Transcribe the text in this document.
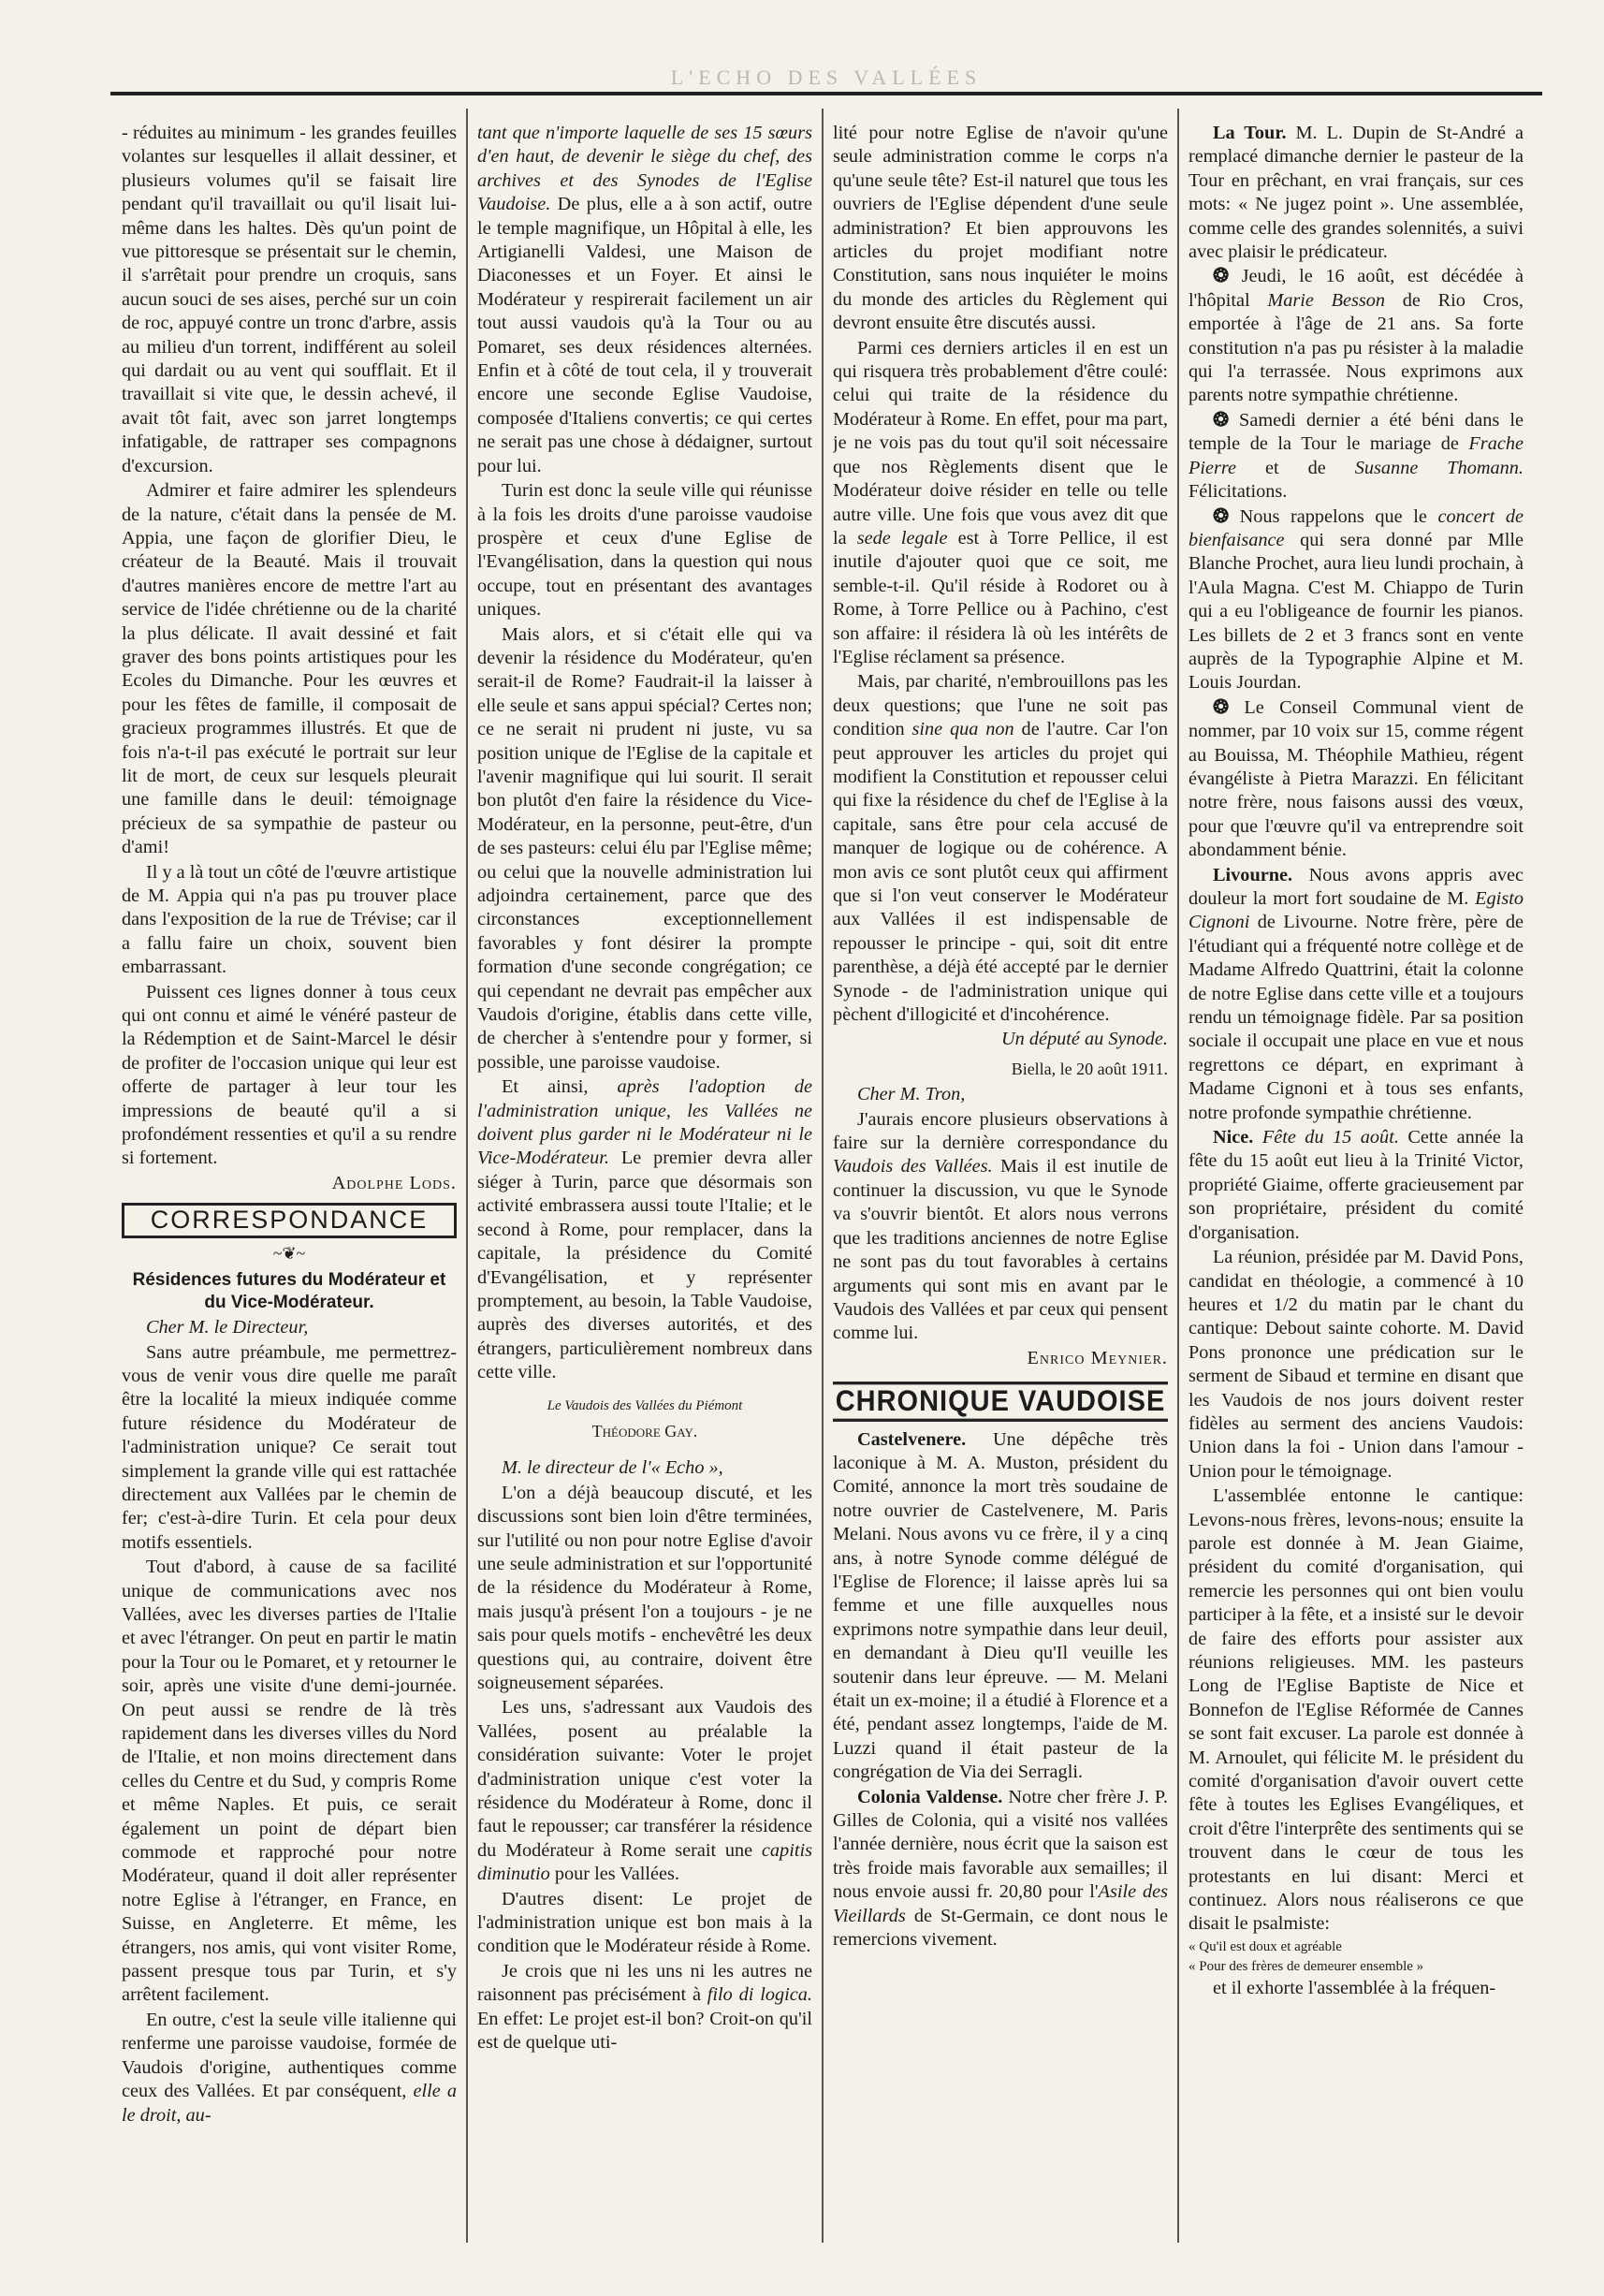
L'ECHO DES VALLÉES

- réduites au minimum - les grandes feuilles volantes sur lesquelles il allait dessiner, et plusieurs volumes qu'il se faisait lire pendant qu'il travaillait ou qu'il lisait lui-même dans les haltes. Dès qu'un point de vue pittoresque se présentait sur le chemin, il s'arrêtait pour prendre un croquis, sans aucun souci de ses aises, perché sur un coin de roc, appuyé contre un tronc d'arbre, assis au milieu d'un torrent, indifférent au soleil qui dardait ou au vent qui soufflait. Et il travaillait si vite que, le dessin achevé, il avait tôt fait, avec son jarret longtemps infatigable, de rattraper ses compagnons d'excursion.

Admirer et faire admirer les splendeurs de la nature, c'était dans la pensée de M. Appia, une façon de glorifier Dieu, le créateur de la Beauté. Mais il trouvait d'autres manières encore de mettre l'art au service de l'idée chrétienne ou de la charité la plus délicate. Il avait dessiné et fait graver des bons points artistiques pour les Ecoles du Dimanche. Pour les œuvres et pour les fêtes de famille, il composait de gracieux programmes illustrés. Et que de fois n'a-t-il pas exécuté le portrait sur leur lit de mort, de ceux sur lesquels pleurait une famille dans le deuil: témoignage précieux de sa sympathie de pasteur ou d'ami!

Il y a là tout un côté de l'œuvre artistique de M. Appia qui n'a pas pu trouver place dans l'exposition de la rue de Trévise; car il a fallu faire un choix, souvent bien embarrassant.

Puissent ces lignes donner à tous ceux qui ont connu et aimé le vénéré pasteur de la Rédemption et de Saint-Marcel le désir de profiter de l'occasion unique qui leur est offerte de partager à leur tour les impressions de beauté qu'il a si profondément ressenties et qu'il a su rendre si fortement.

Adolphe Lods.

CORRESPONDANCE
~❦~
Résidences futures du Modérateur et du Vice-Modérateur.

Cher M. le Directeur,

Sans autre préambule, me permettrez-vous de venir vous dire quelle me paraît être la localité la mieux indiquée comme future résidence du Modérateur de l'administration unique? Ce serait tout simplement la grande ville qui est rattachée directement aux Vallées par le chemin de fer; c'est-à-dire Turin. Et cela pour deux motifs essentiels.

Tout d'abord, à cause de sa facilité unique de communications avec nos Vallées, avec les diverses parties de l'Italie et avec l'étranger. On peut en partir le matin pour la Tour ou le Pomaret, et y retourner le soir, après une visite d'une demi-journée. On peut aussi se rendre de là très rapidement dans les diverses villes du Nord de l'Italie, et non moins directement dans celles du Centre et du Sud, y compris Rome et même Naples. Et puis, ce serait également un point de départ bien commode et rapproché pour notre Modérateur, quand il doit aller représenter notre Eglise à l'étranger, en France, en Suisse, en Angleterre. Et même, les étrangers, nos amis, qui vont visiter Rome, passent presque tous par Turin, et s'y arrêtent facilement.

En outre, c'est la seule ville italienne qui renferme une paroisse vaudoise, formée de Vaudois d'origine, authentiques comme ceux des Vallées. Et par conséquent, elle a le droit, au-

tant que n'importe laquelle de ses 15 sœurs d'en haut, de devenir le siège du chef, des archives et des Synodes de l'Eglise Vaudoise. De plus, elle a à son actif, outre le temple magnifique, un Hôpital à elle, les Artigianelli Valdesi, une Maison de Diaconesses et un Foyer. Et ainsi le Modérateur y respirerait facilement un air tout aussi vaudois qu'à la Tour ou au Pomaret, ses deux résidences alternées. Enfin et à côté de tout cela, il y trouverait encore une seconde Eglise Vaudoise, composée d'Italiens convertis; ce qui certes ne serait pas une chose à dédaigner, surtout pour lui.

Turin est donc la seule ville qui réunisse à la fois les droits d'une paroisse vaudoise prospère et ceux d'une Eglise de l'Evangélisation, dans la question qui nous occupe, tout en présentant des avantages uniques.

Mais alors, et si c'était elle qui va devenir la résidence du Modérateur, qu'en serait-il de Rome? Faudrait-il la laisser à elle seule et sans appui spécial? Certes non; ce ne serait ni prudent ni juste, vu sa position unique de l'Eglise de la capitale et l'avenir magnifique qui lui sourit. Il serait bon plutôt d'en faire la résidence du Vice-Modérateur, en la personne, peut-être, d'un de ses pasteurs: celui élu par l'Eglise même; ou celui que la nouvelle administration lui adjoindra certainement, parce que des circonstances exceptionnellement favorables y font désirer la prompte formation d'une seconde congrégation; ce qui cependant ne devrait pas empêcher aux Vaudois d'origine, établis dans cette ville, de chercher à s'entendre pour y former, si possible, une paroisse vaudoise.

Et ainsi, après l'adoption de l'administration unique, les Vallées ne doivent plus garder ni le Modérateur ni le Vice-Modérateur. Le premier devra aller siéger à Turin, parce que désormais son activité embrassera aussi toute l'Italie; et le second à Rome, pour remplacer, dans la capitale, la présidence du Comité d'Evangélisation, et y représenter promptement, au besoin, la Table Vaudoise, auprès des diverses autorités, et des étrangers, particulièrement nombreux dans cette ville.

Le Vaudois des Vallées du Piémont
Théodore Gay.

M. le directeur de l'« Echo »,

L'on a déjà beaucoup discuté, et les discussions sont bien loin d'être terminées, sur l'utilité ou non pour notre Eglise d'avoir une seule administration et sur l'opportunité de la résidence du Modérateur à Rome, mais jusqu'à présent l'on a toujours - je ne sais pour quels motifs - enchevêtré les deux questions qui, au contraire, doivent être soigneusement séparées.

Les uns, s'adressant aux Vaudois des Vallées, posent au préalable la considération suivante: Voter le projet d'administration unique c'est voter la résidence du Modérateur à Rome, donc il faut le repousser; car transférer la résidence du Modérateur à Rome serait une capitis diminutio pour les Vallées.

D'autres disent: Le projet de l'administration unique est bon mais à la condition que le Modérateur réside à Rome.

Je crois que ni les uns ni les autres ne raisonnent pas précisément à filo di logica. En effet: Le projet est-il bon? Croit-on qu'il est de quelque uti-

lité pour notre Eglise de n'avoir qu'une seule administration comme le corps n'a qu'une seule tête? Est-il naturel que tous les ouvriers de l'Eglise dépendent d'une seule administration? Et bien approuvons les articles du projet modifiant notre Constitution, sans nous inquiéter le moins du monde des articles du Règlement qui devront ensuite être discutés aussi.

Parmi ces derniers articles il en est un qui risquera très probablement d'être coulé: celui qui traite de la résidence du Modérateur à Rome. En effet, pour ma part, je ne vois pas du tout qu'il soit nécessaire que nos Règlements disent que le Modérateur doive résider en telle ou telle autre ville. Une fois que vous avez dit que la sede legale est à Torre Pellice, il est inutile d'ajouter quoi que ce soit, me semble-t-il. Qu'il réside à Rodoret ou à Rome, à Torre Pellice ou à Pachino, c'est son affaire: il résidera là où les intérêts de l'Eglise réclament sa présence.

Mais, par charité, n'embrouillons pas les deux questions; que l'une ne soit pas condition sine qua non de l'autre. Car l'on peut approuver les articles du projet qui modifient la Constitution et repousser celui qui fixe la résidence du chef de l'Eglise à la capitale, sans être pour cela accusé de manquer de logique ou de cohérence. A mon avis ce sont plutôt ceux qui affirment que si l'on veut conserver le Modérateur aux Vallées il est indispensable de repousser le principe - qui, soit dit entre parenthèse, a déjà été accepté par le dernier Synode - de l'administration unique qui pèchent d'illogicité et d'incohérence.

Un député au Synode.

Biella, le 20 août 1911.

Cher M. Tron,

J'aurais encore plusieurs observations à faire sur la dernière correspondance du Vaudois des Vallées. Mais il est inutile de continuer la discussion, vu que le Synode va s'ouvrir bientôt. Et alors nous verrons que les traditions anciennes de notre Eglise ne sont pas du tout favorables à certains arguments qui sont mis en avant par le Vaudois des Vallées et par ceux qui pensent comme lui.

Enrico Meynier.

CHRONIQUE VAUDOISE

Castelvenere. Une dépêche très laconique à M. A. Muston, président du Comité, annonce la mort très soudaine de notre ouvrier de Castelvenere, M. Paris Melani. Nous avons vu ce frère, il y a cinq ans, à notre Synode comme délégué de l'Eglise de Florence; il laisse après lui sa femme et une fille auxquelles nous exprimons notre sympathie dans leur deuil, en demandant à Dieu qu'Il veuille les soutenir dans leur épreuve. — M. Melani était un ex-moine; il a étudié à Florence et a été, pendant assez longtemps, l'aide de M. Luzzi quand il était pasteur de la congrégation de Via dei Serragli.

Colonia Valdense. Notre cher frère J. P. Gilles de Colonia, qui a visité nos vallées l'année dernière, nous écrit que la saison est très froide mais favorable aux semailles; il nous envoie aussi fr. 20,80 pour l'Asile des Vieillards de St-Germain, ce dont nous le remercions vivement.

La Tour. M. L. Dupin de St-André a remplacé dimanche dernier le pasteur de la Tour en prêchant, en vrai français, sur ces mots: « Ne jugez point ». Une assemblée, comme celle des grandes solennités, a suivi avec plaisir le prédicateur.

❂ Jeudi, le 16 août, est décédée à l'hôpital Marie Besson de Rio Cros, emportée à l'âge de 21 ans. Sa forte constitution n'a pas pu résister à la maladie qui l'a terrassée. Nous exprimons aux parents notre sympathie chrétienne.

❂ Samedi dernier a été béni dans le temple de la Tour le mariage de Frache Pierre et de Susanne Thomann. Félicitations.

❂ Nous rappelons que le concert de bienfaisance qui sera donné par Mlle Blanche Prochet, aura lieu lundi prochain, à l'Aula Magna. C'est M. Chiappo de Turin qui a eu l'obligeance de fournir les pianos. Les billets de 2 et 3 francs sont en vente auprès de la Typographie Alpine et M. Louis Jourdan.

❂ Le Conseil Communal vient de nommer, par 10 voix sur 15, comme régent au Bouissa, M. Théophile Mathieu, régent évangéliste à Pietra Marazzi. En félicitant notre frère, nous faisons aussi des vœux, pour que l'œuvre qu'il va entreprendre soit abondamment bénie.

Livourne. Nous avons appris avec douleur la mort fort soudaine de M. Egisto Cignoni de Livourne. Notre frère, père de l'étudiant qui a fréquenté notre collège et de Madame Alfredo Quattrini, était la colonne de notre Eglise dans cette ville et a toujours rendu un témoignage fidèle. Par sa position sociale il occupait une place en vue et nous regrettons ce départ, en exprimant à Madame Cignoni et à tous ses enfants, notre profonde sympathie chrétienne.

Nice. Fête du 15 août. Cette année la fête du 15 août eut lieu à la Trinité Victor, propriété Giaime, offerte gracieusement par son propriétaire, président du comité d'organisation.

La réunion, présidée par M. David Pons, candidat en théologie, a commencé à 10 heures et 1/2 du matin par le chant du cantique: Debout sainte cohorte. M. David Pons prononce une prédication sur le serment de Sibaud et termine en disant que les Vaudois de nos jours doivent rester fidèles au serment des anciens Vaudois: Union dans la foi - Union dans l'amour - Union pour le témoignage.

L'assemblée entonne le cantique: Levons-nous frères, levons-nous; ensuite la parole est donnée à M. Jean Giaime, président du comité d'organisation, qui remercie les personnes qui ont bien voulu participer à la fête, et a insisté sur le devoir de faire des efforts pour assister aux réunions religieuses. MM. les pasteurs Long de l'Eglise Baptiste de Nice et Bonnefon de l'Eglise Réformée de Cannes se sont fait excuser. La parole est donnée à M. Arnoulet, qui félicite M. le président du comité d'organisation d'avoir ouvert cette fête à toutes les Eglises Evangéliques, et croit d'être l'interprête des sentiments qui se trouvent dans le cœur de tous les protestants en lui disant: Merci et continuez. Alors nous réaliserons ce que disait le psalmiste:

« Qu'il est doux et agréable

« Pour des frères de demeurer ensemble »

et il exhorte l'assemblée à la fréquen-
